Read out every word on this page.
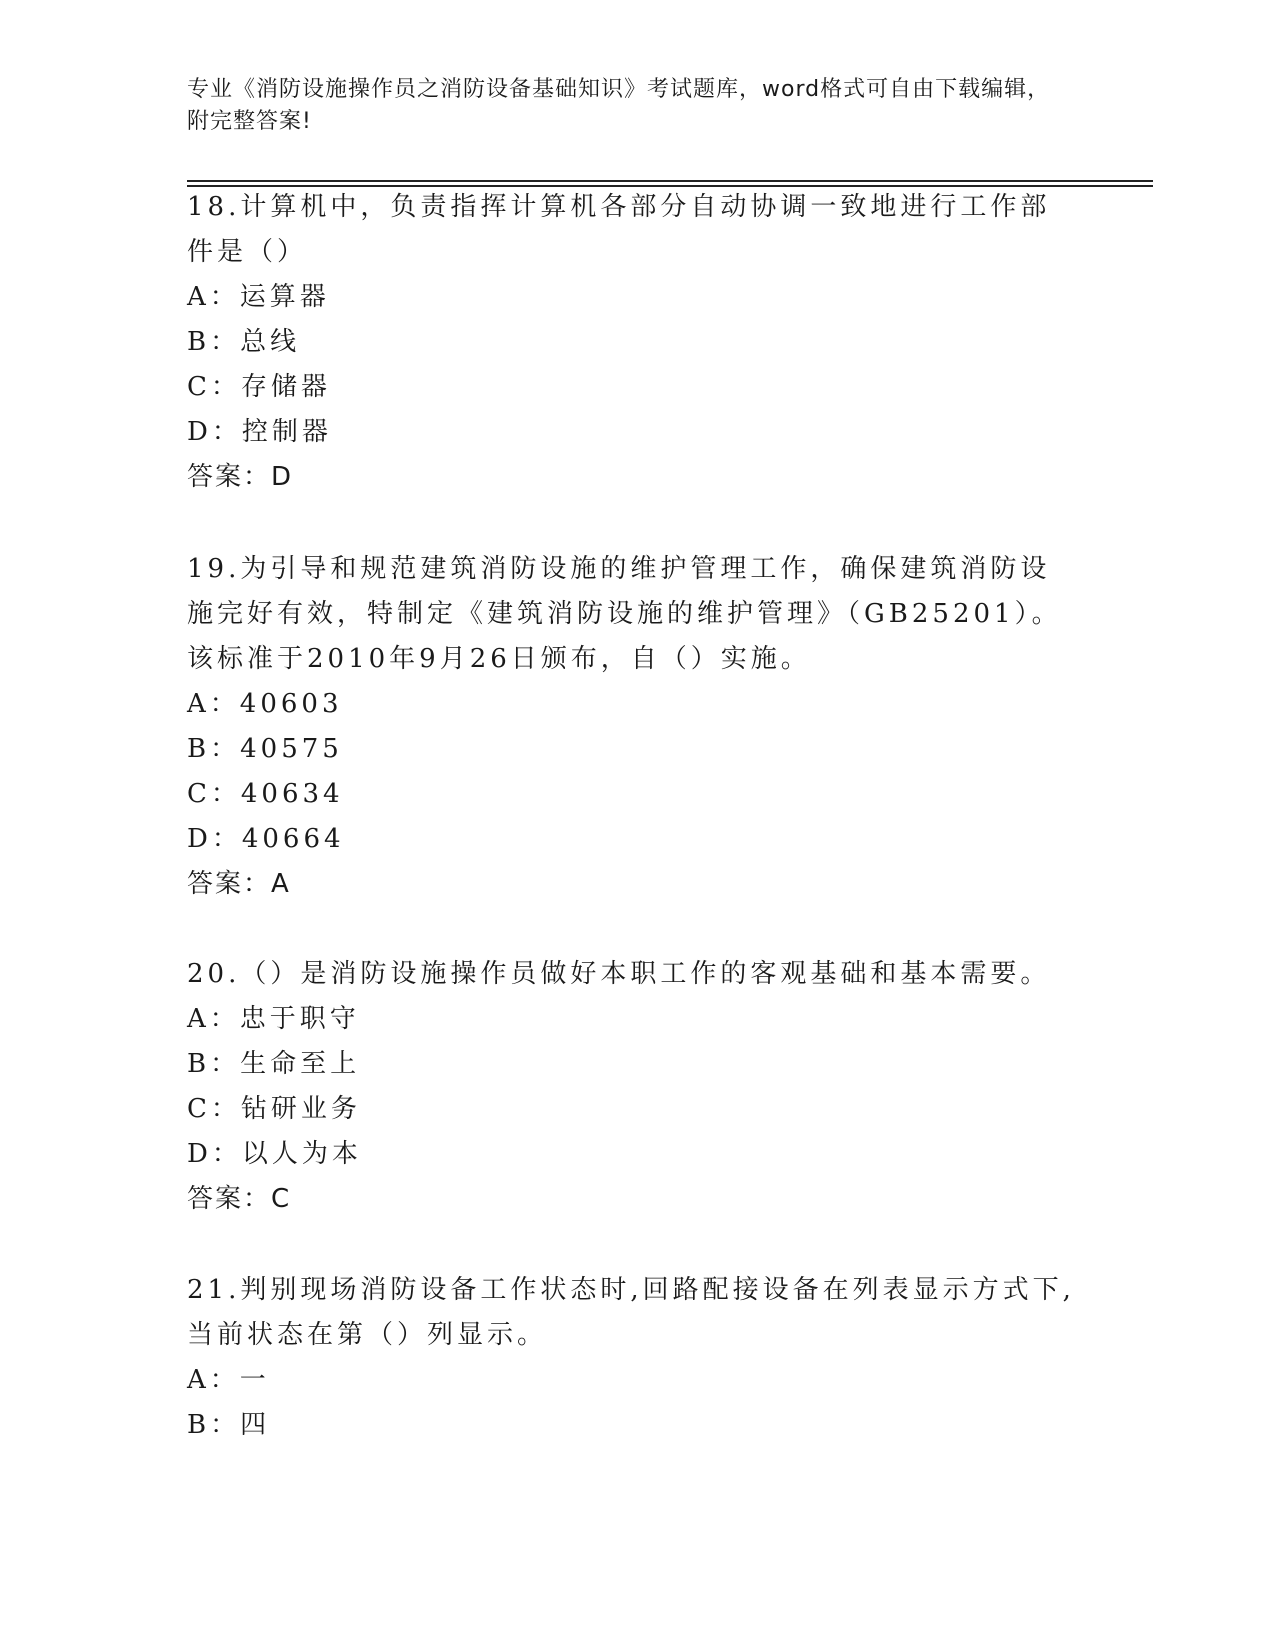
专业《消防设施操作员之消防设备基础知识》考试题库，word格式可自由下载编辑，附完整答案!

18.计算机中，负责指挥计算机各部分自动协调一致地进行工作部件是（）

A：运算器

B：总线

C：存储器

D：控制器

答案：D

19.为引导和规范建筑消防设施的维护管理工作，确保建筑消防设施完好有效，特制定《建筑消防设施的维护管理》（GB25201）。该标准于2010年9月26日颁布，自（）实施。

A：40603

B：40575

C：40634

D：40664

答案：A

20.（）是消防设施操作员做好本职工作的客观基础和基本需要。

A：忠于职守

B：生命至上

C：钻研业务

D：以人为本

答案：C

21.判别现场消防设备工作状态时,回路配接设备在列表显示方式下,当前状态在第（）列显示。

A：一

B：四
